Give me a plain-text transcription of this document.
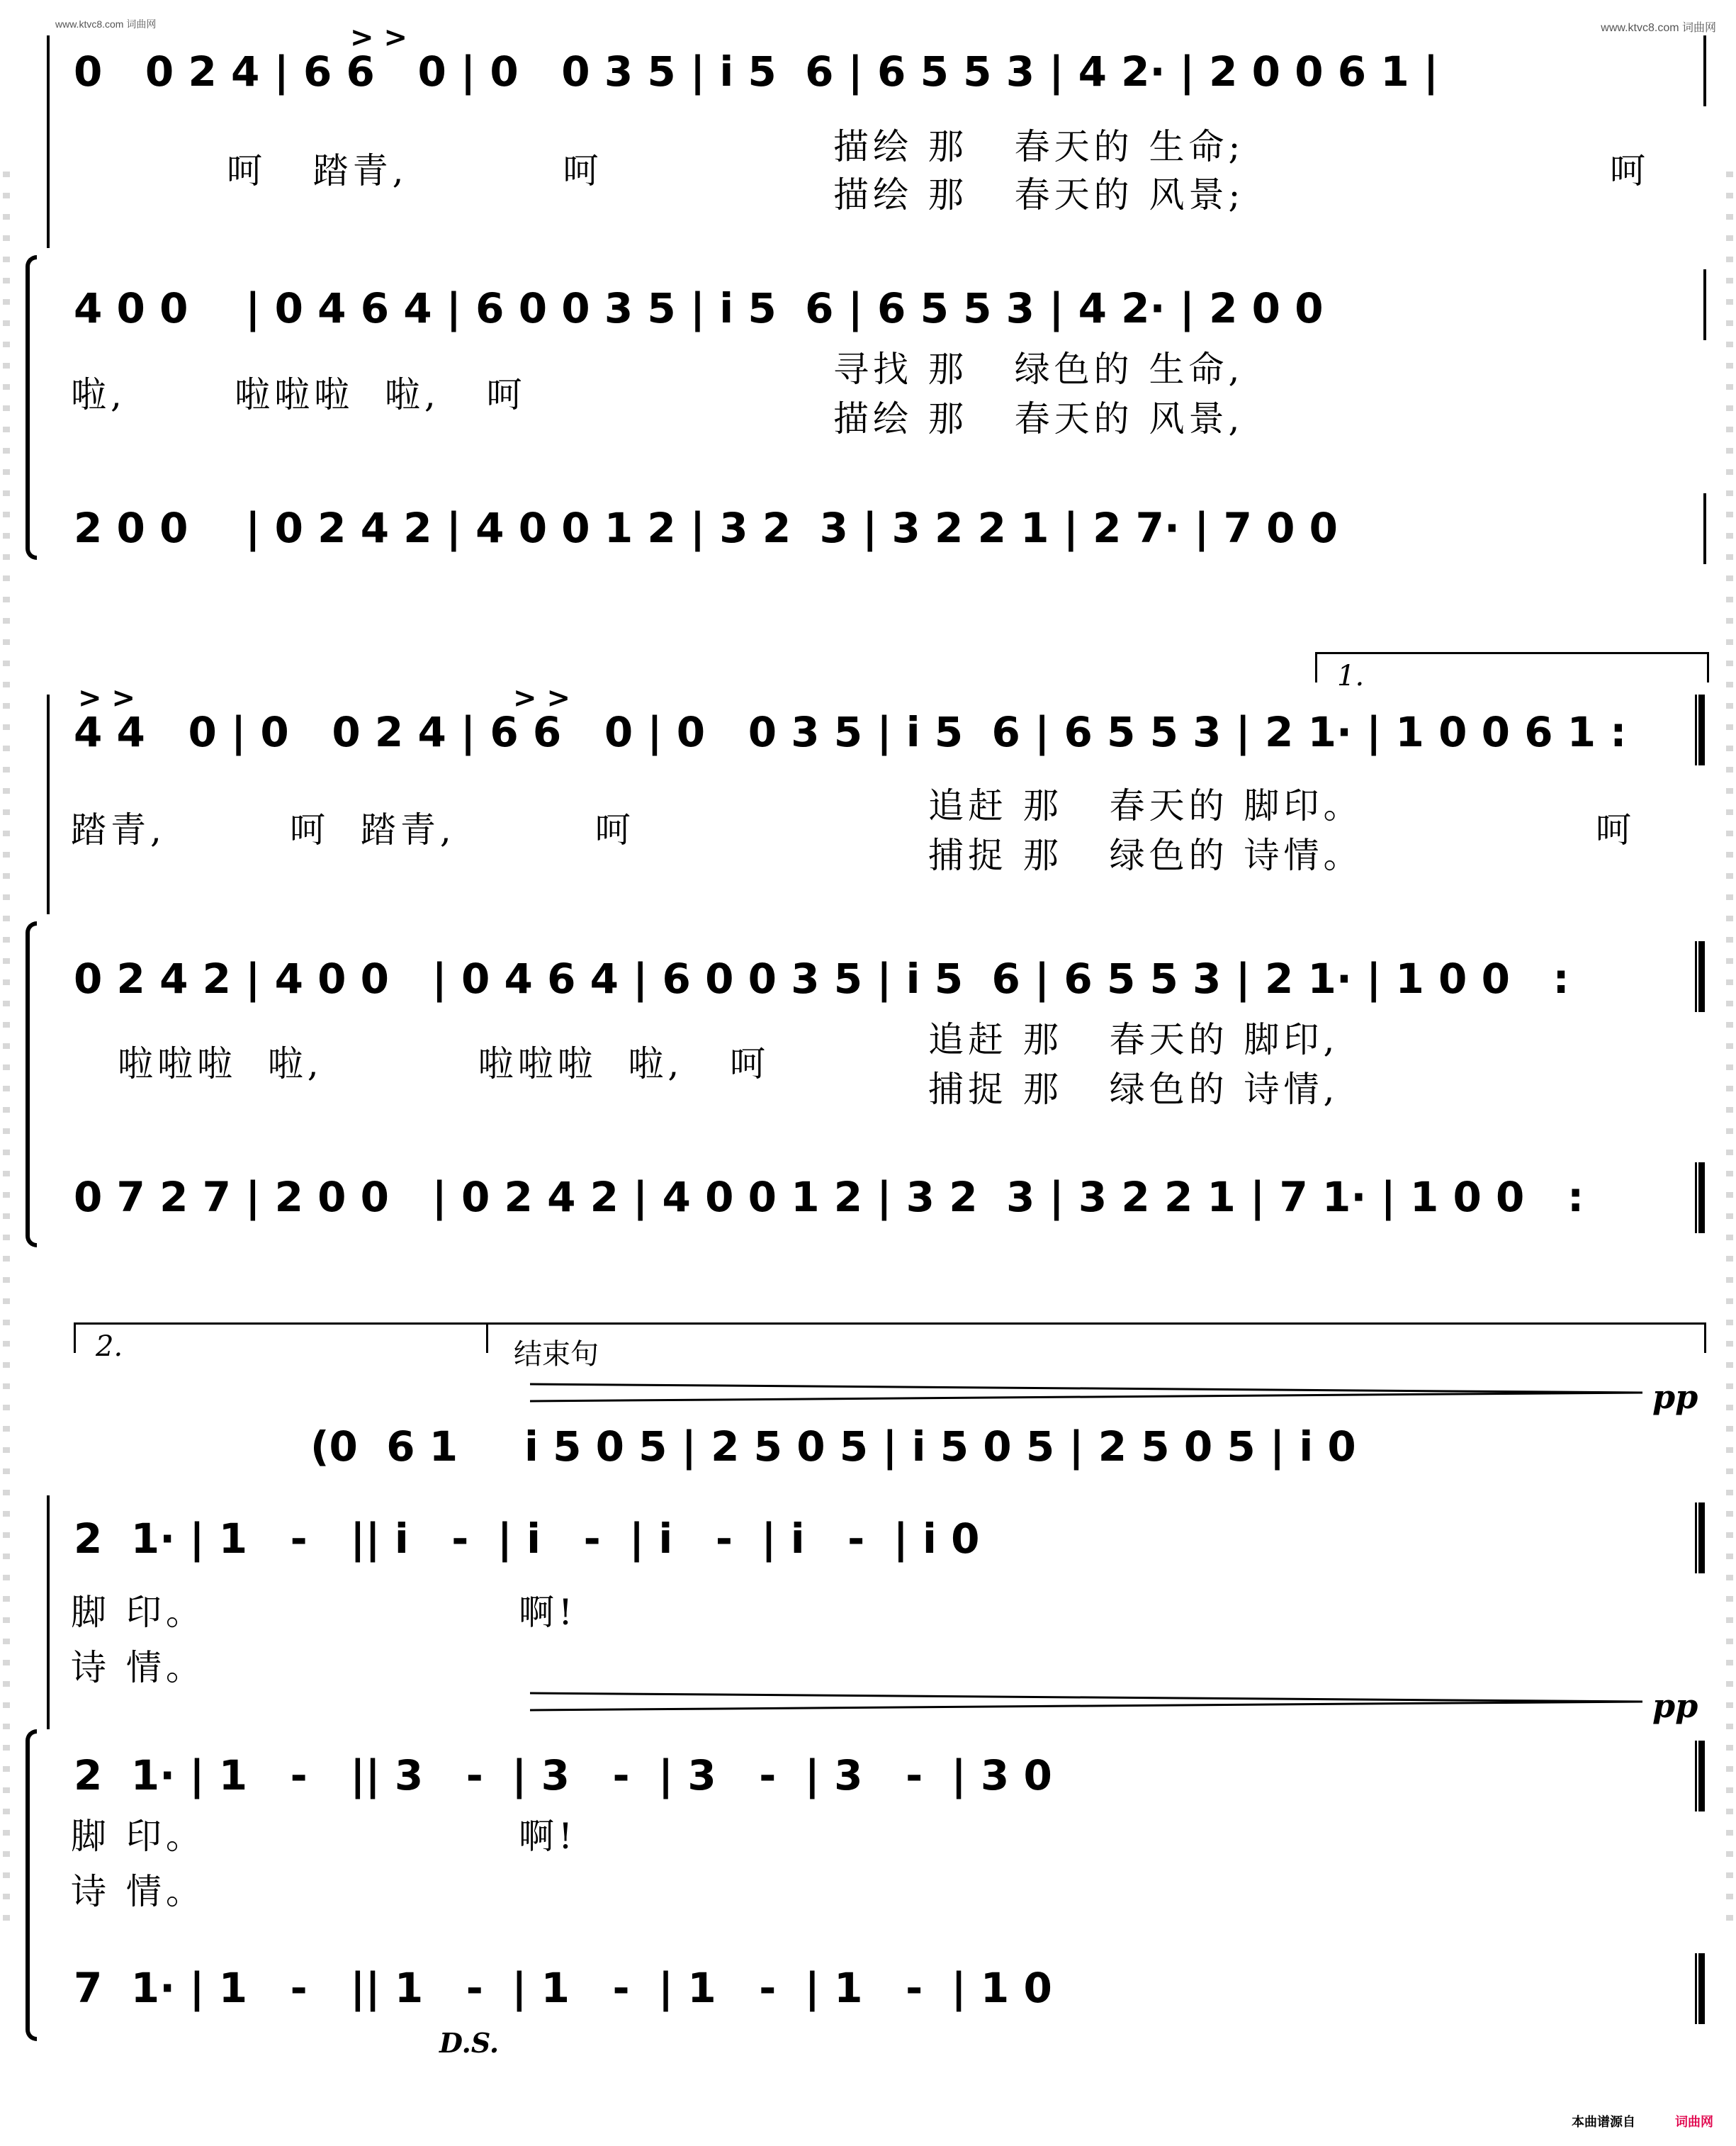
www.ktvc8.com 词曲网	www.ktvc8.com 词曲网
> >
0   0 2 4 | 6 6   0 | 0   0 3 5 | i 5  6 | 6 5 5 3 | 4 2· | 2 0 0 6 1 |
呵   踏青,          呵
描绘 那   春天的 生命;
描绘 那   春天的 风景;
呵
4 0 0    | 0 4 6 4 | 6 0 0 3 5 | i 5  6 | 6 5 5 3 | 4 2· | 2 0 0
啦,       啦啦啦  啦,   呵
寻找 那   绿色的 生命,
描绘 那   春天的 风景,
2 0 0    | 0 2 4 2 | 4 0 0 1 2 | 3 2  3 | 3 2 2 1 | 2 7· | 7 0 0
1.
> >	> >
4 4   0 | 0   0 2 4 | 6 6   0 | 0   0 3 5 | i 5  6 | 6 5 5 3 | 2 1· | 1 0 0 6 1 :
踏青,        呵  踏青,         呵
追赶 那   春天的 脚印。
捕捉 那   绿色的 诗情。
呵
0 2 4 2 | 4 0 0   | 0 4 6 4 | 6 0 0 3 5 | i 5  6 | 6 5 5 3 | 2 1· | 1 0 0   :
啦啦啦  啦,          啦啦啦  啦,   呵
追赶 那   春天的 脚印,
捕捉 那   绿色的 诗情,
0 7 2 7 | 2 0 0   | 0 2 4 2 | 4 0 0 1 2 | 3 2  3 | 3 2 2 1 | 7 1· | 1 0 0   :
2.	结束句
pp
(0  6 1 i 5 0 5 | 2 5 0 5 | i 5 0 5 | 2 5 0 5 | i 0
2  1· | 1   -   || i   -  | i   -  | i   -  | i   -  | i 0
脚 印。
诗 情。
啊!
pp
2  1· | 1   -   || 3   -  | 3   -  | 3   -  | 3   -  | 3 0
脚 印。
诗 情。
啊!
7  1· | 1   -   || 1   -  | 1   -  | 1   -  | 1   -  | 1 0
D.S.
本曲谱源自	词曲网
